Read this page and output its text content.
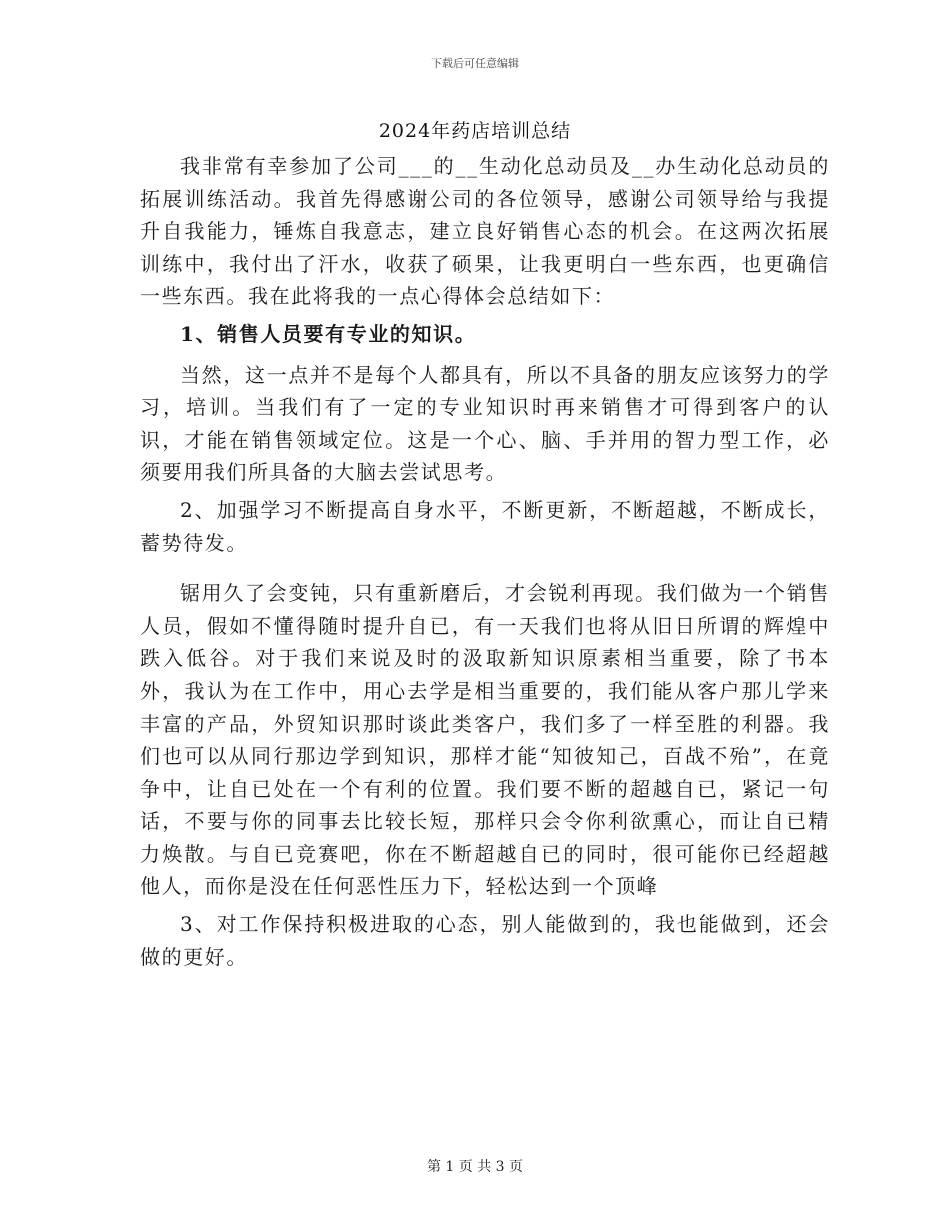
下载后可任意编辑
2024年药店培训总结

我非常有幸参加了公司___的__生动化总动员及__办生动化总动员的拓展训练活动。我首先得感谢公司的各位领导，感谢公司领导给与我提升自我能力，锤炼自我意志，建立良好销售心态的机会。在这两次拓展训练中，我付出了汗水，收获了硕果，让我更明白一些东西，也更确信一些东西。我在此将我的一点心得体会总结如下：

1、销售人员要有专业的知识。

当然，这一点并不是每个人都具有，所以不具备的朋友应该努力的学习，培训。当我们有了一定的专业知识时再来销售才可得到客户的认识，才能在销售领域定位。这是一个心、脑、手并用的智力型工作，必须要用我们所具备的大脑去尝试思考。

2、加强学习不断提高自身水平，不断更新，不断超越，不断成长，蓄势待发。

锯用久了会变钝，只有重新磨后，才会锐利再现。我们做为一个销售人员，假如不懂得随时提升自已，有一天我们也将从旧日所谓的辉煌中跌入低谷。对于我们来说及时的汲取新知识原素相当重要，除了书本外，我认为在工作中，用心去学是相当重要的，我们能从客户那儿学来丰富的产品，外贸知识那时谈此类客户，我们多了一样至胜的利器。我们也可以从同行那边学到知识，那样才能“知彼知己，百战不殆”，在竟争中，让自已处在一个有利的位置。我们要不断的超越自已，紧记一句话，不要与你的同事去比较长短，那样只会令你利欲熏心，而让自已精力焕散。与自已竞赛吧，你在不断超越自已的同时，很可能你已经超越他人，而你是没在任何恶性压力下，轻松达到一个顶峰

3、对工作保持积极进取的心态，别人能做到的，我也能做到，还会做的更好。

第 1 页 共 3 页
